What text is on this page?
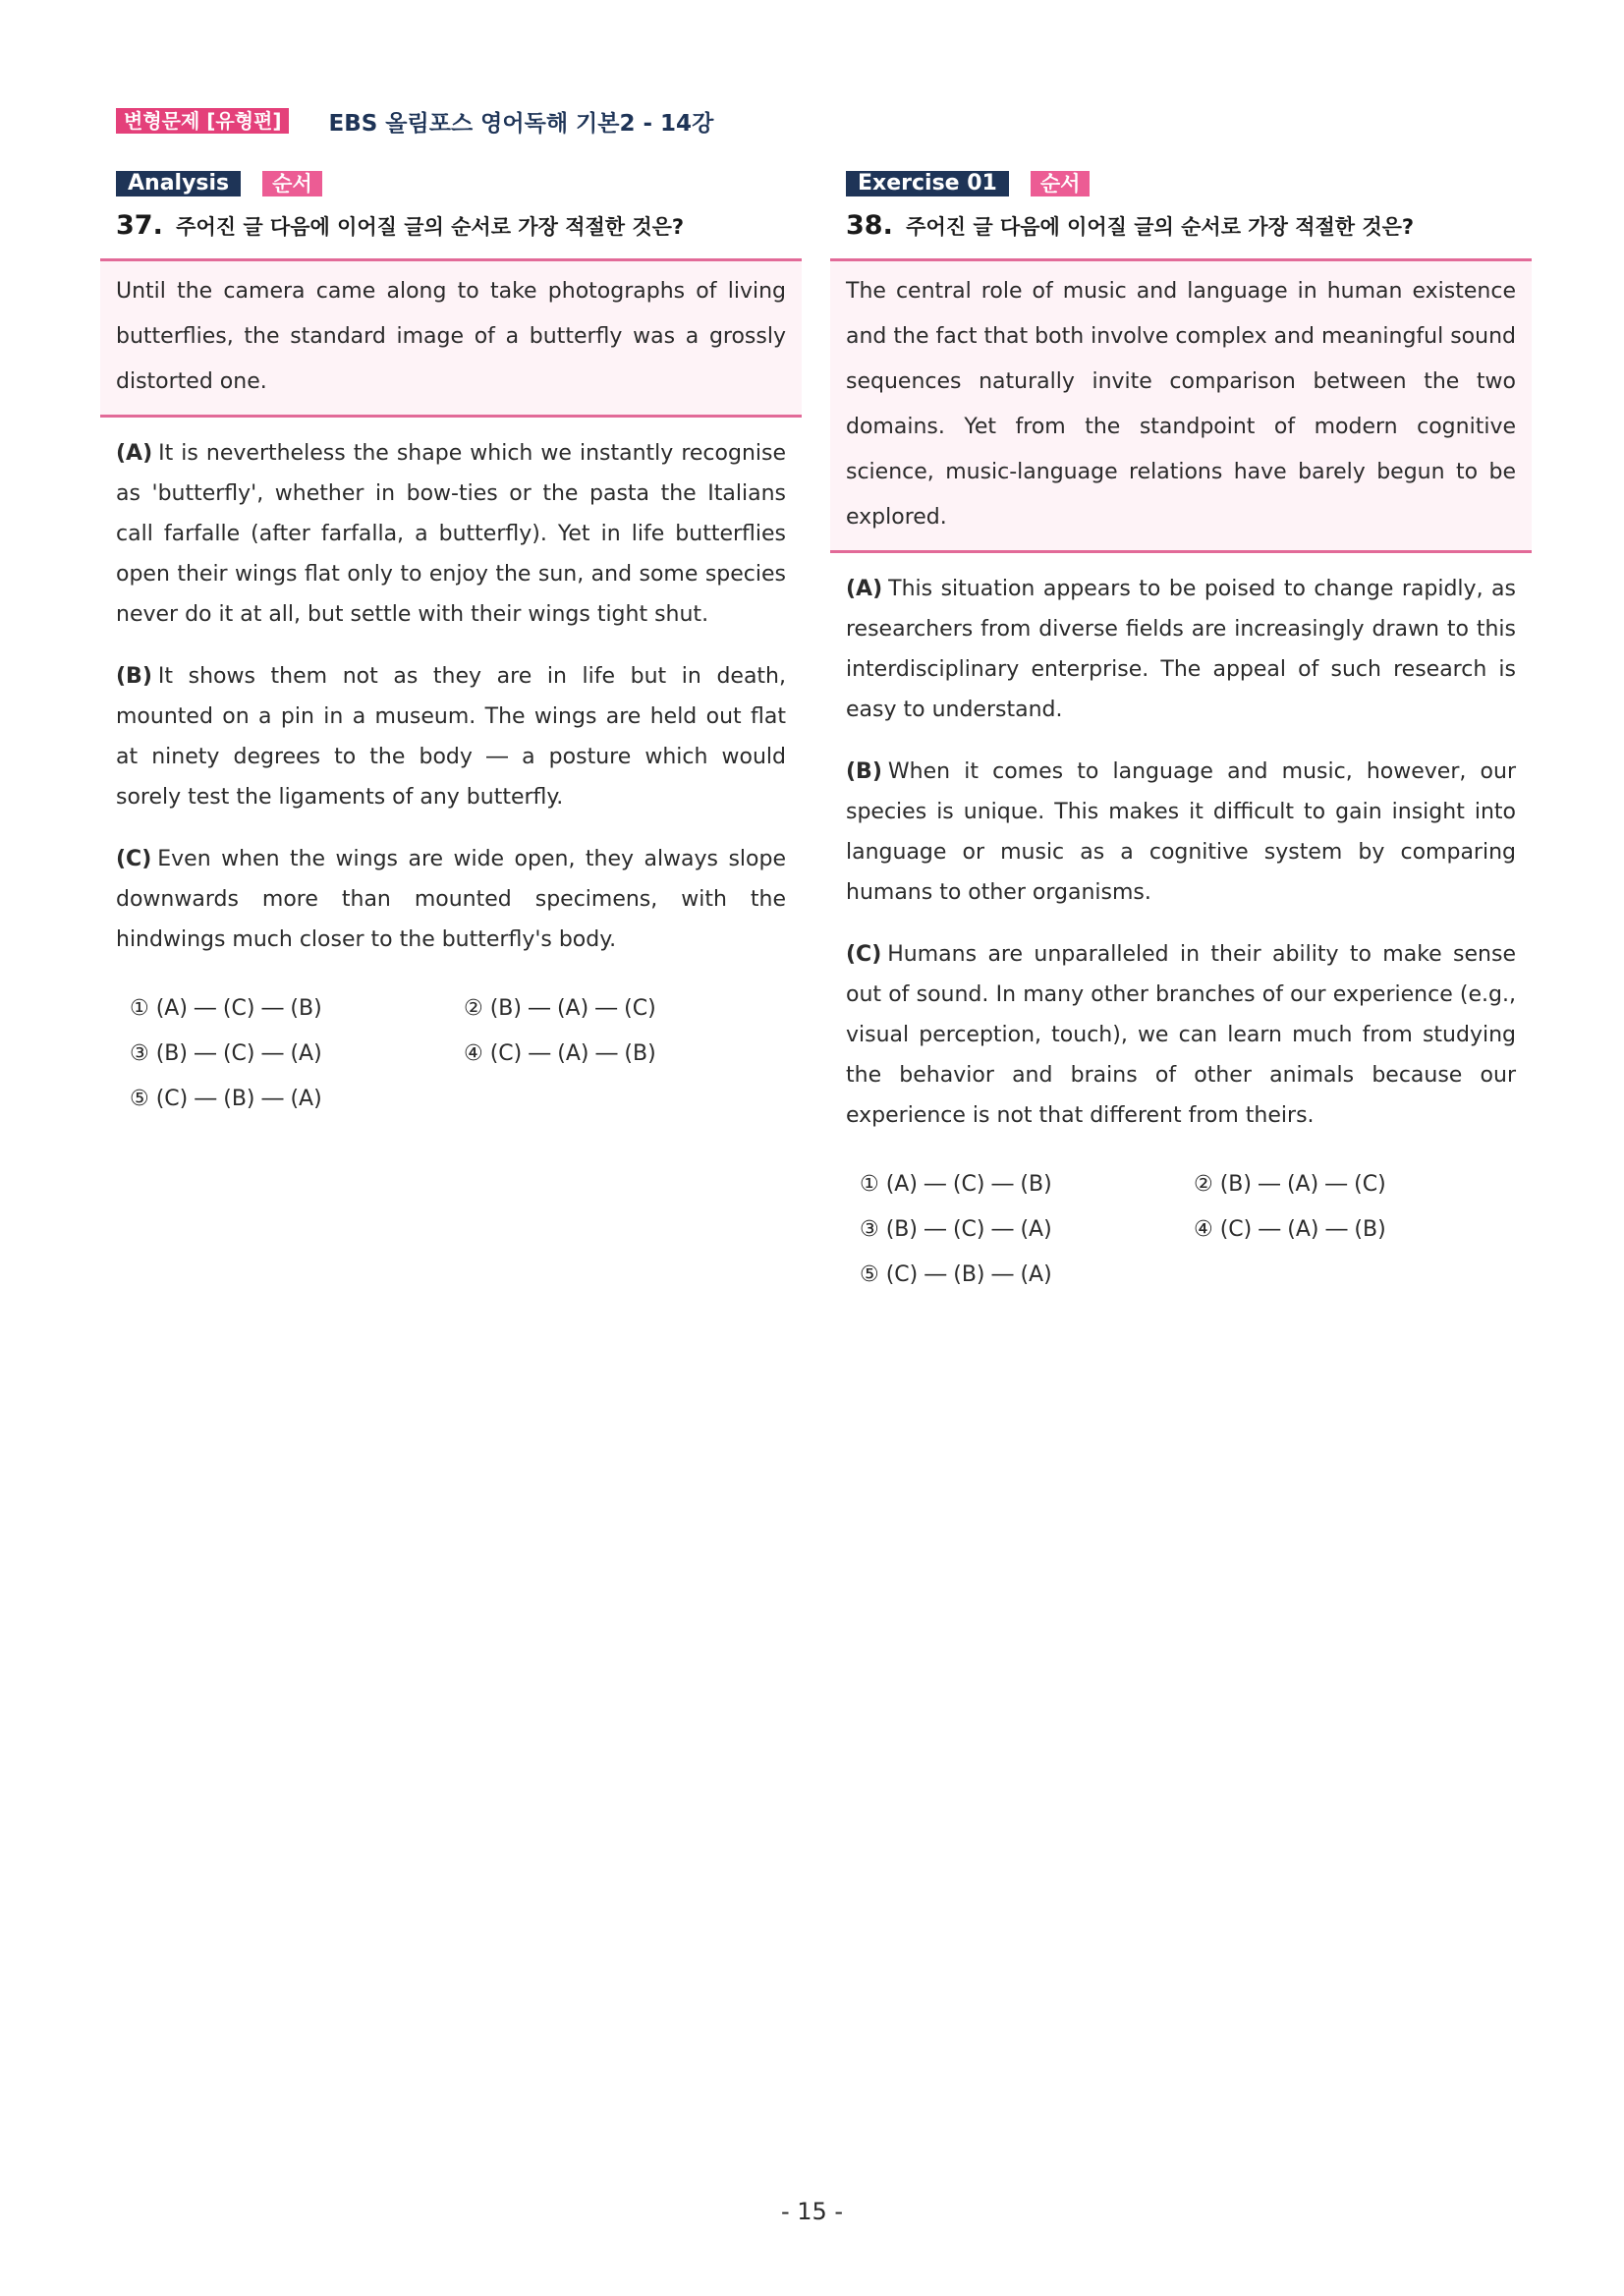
변형문제 [유형편]	EBS 올림포스 영어독해 기본2 - 14강
Analysis	순서
37. 주어진 글 다음에 이어질 글의 순서로 가장 적절한 것은?
Until the camera came along to take photographs of living butterflies, the standard image of a butterfly was a grossly distorted one.
(A) It is nevertheless the shape which we instantly recognise as 'butterfly', whether in bow-ties or the pasta the Italians call farfalle (after farfalla, a butterfly). Yet in life butterflies open their wings flat only to enjoy the sun, and some species never do it at all, but settle with their wings tight shut.
(B) It shows them not as they are in life but in death, mounted on a pin in a museum. The wings are held out flat at ninety degrees to the body ― a posture which would sorely test the ligaments of any butterfly.
(C) Even when the wings are wide open, they always slope downwards more than mounted specimens, with the hindwings much closer to the butterfly's body.
① (A) ― (C) ― (B)	② (B) ― (A) ― (C)
③ (B) ― (C) ― (A)	④ (C) ― (A) ― (B)
⑤ (C) ― (B) ― (A)
Exercise 01	순서
38. 주어진 글 다음에 이어질 글의 순서로 가장 적절한 것은?
The central role of music and language in human existence and the fact that both involve complex and meaningful sound sequences naturally invite comparison between the two domains. Yet from the standpoint of modern cognitive science, music-language relations have barely begun to be explored.
(A) This situation appears to be poised to change rapidly, as researchers from diverse fields are increasingly drawn to this interdisciplinary enterprise. The appeal of such research is easy to understand.
(B) When it comes to language and music, however, our species is unique. This makes it difficult to gain insight into language or music as a cognitive system by comparing humans to other organisms.
(C) Humans are unparalleled in their ability to make sense out of sound. In many other branches of our experience (e.g., visual perception, touch), we can learn much from studying the behavior and brains of other animals because our experience is not that different from theirs.
① (A) ― (C) ― (B)	② (B) ― (A) ― (C)
③ (B) ― (C) ― (A)	④ (C) ― (A) ― (B)
⑤ (C) ― (B) ― (A)
- 15 -
